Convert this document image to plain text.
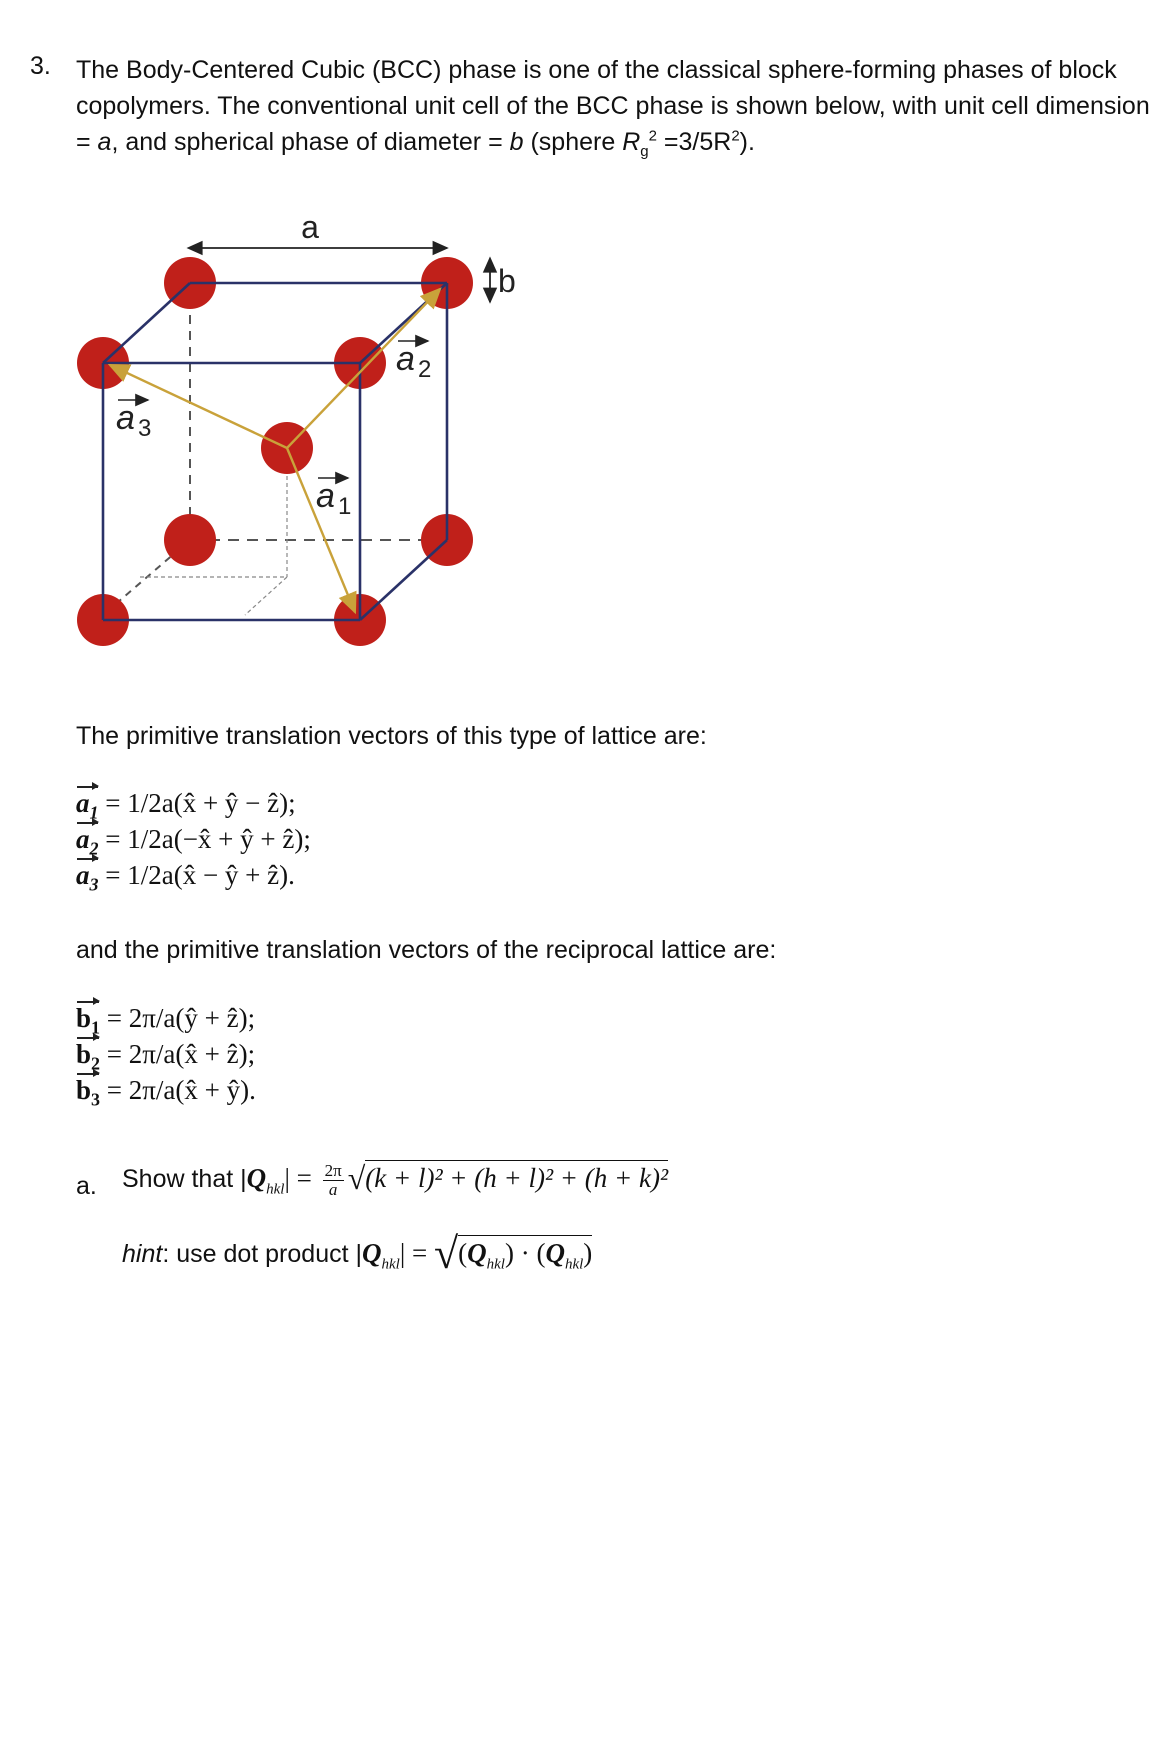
3. The Body-Centered Cubic (BCC) phase is one of the classical sphere-forming phases of block copolymers. The conventional unit cell of the BCC phase is shown below, with unit cell dimension = a, and spherical phase of diameter = b (sphere $R_g^2 =3/5R^2$).
a
b
a 2
a 3
a 1
The primitive translation vectors of this type of lattice are:
$a_1$ = 1/2a(x̂ + ŷ − ẑ);
$a_2$ = 1/2a(−x̂ + ŷ + ẑ);
$a_3$ = 1/2a(x̂ − ŷ + ẑ).
and the primitive translation vectors of the reciprocal lattice are:
$b_1$ = 2π/a(ŷ + ẑ);
$b_2$ = 2π/a(x̂ + ẑ);
$b_3$ = 2π/a(x̂ + ŷ).
a. Show that $|Q_{hkl}| = \frac{2\pi}{a} √(k + l)^2 + (h + l)^2 + (h + k)^2$
hint: use dot product $|Q_{hkl}| = √(Q_{hkl}) \cdot (Q_{hkl})$
